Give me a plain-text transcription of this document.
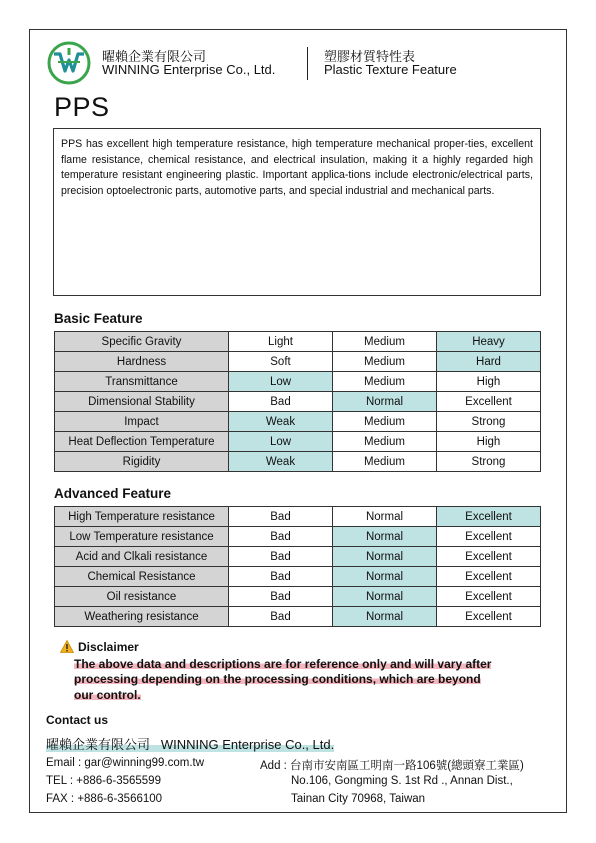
曜賴企業有限公司
WINNING Enterprise Co., Ltd.
塑膠材質特性表
Plastic Texture Feature
PPS
PPS has excellent high temperature resistance, high temperature mechanical proper-ties, excellent flame resistance, chemical resistance, and electrical insulation, making it a highly regarded high temperature resistant engineering plastic. Important applica-tions include electronic/electrical parts, precision optoelectronic parts, automotive parts, and special industrial and mechanical parts.
Basic Feature
Specific Gravity	Light	Medium	Heavy
Hardness	Soft	Medium	Hard
Transmittance	Low	Medium	High
Dimensional Stability	Bad	Normal	Excellent
Impact	Weak	Medium	Strong
Heat Deflection Temperature	Low	Medium	High
Rigidity	Weak	Medium	Strong
Advanced Feature
High Temperature resistance	Bad	Normal	Excellent
Low Temperature resistance	Bad	Normal	Excellent
Acid and Clkali resistance	Bad	Normal	Excellent
Chemical Resistance	Bad	Normal	Excellent
Oil resistance	Bad	Normal	Excellent
Weathering resistance	Bad	Normal	Excellent
Disclaimer
The above data and descriptions are for reference only and will vary after
processing depending on the processing conditions, which are beyond
our control.
Contact us
曜賴企業有限公司   WINNING Enterprise Co., Ltd.
Email : gar@winning99.com.tw
TEL : +886-6-3565599
FAX : +886-6-3566100
Add : 台南市安南區工明南一路106號(總頭寮工業區)
No.106, Gongming S. 1st Rd ., Annan Dist.,
Tainan City 70968, Taiwan
